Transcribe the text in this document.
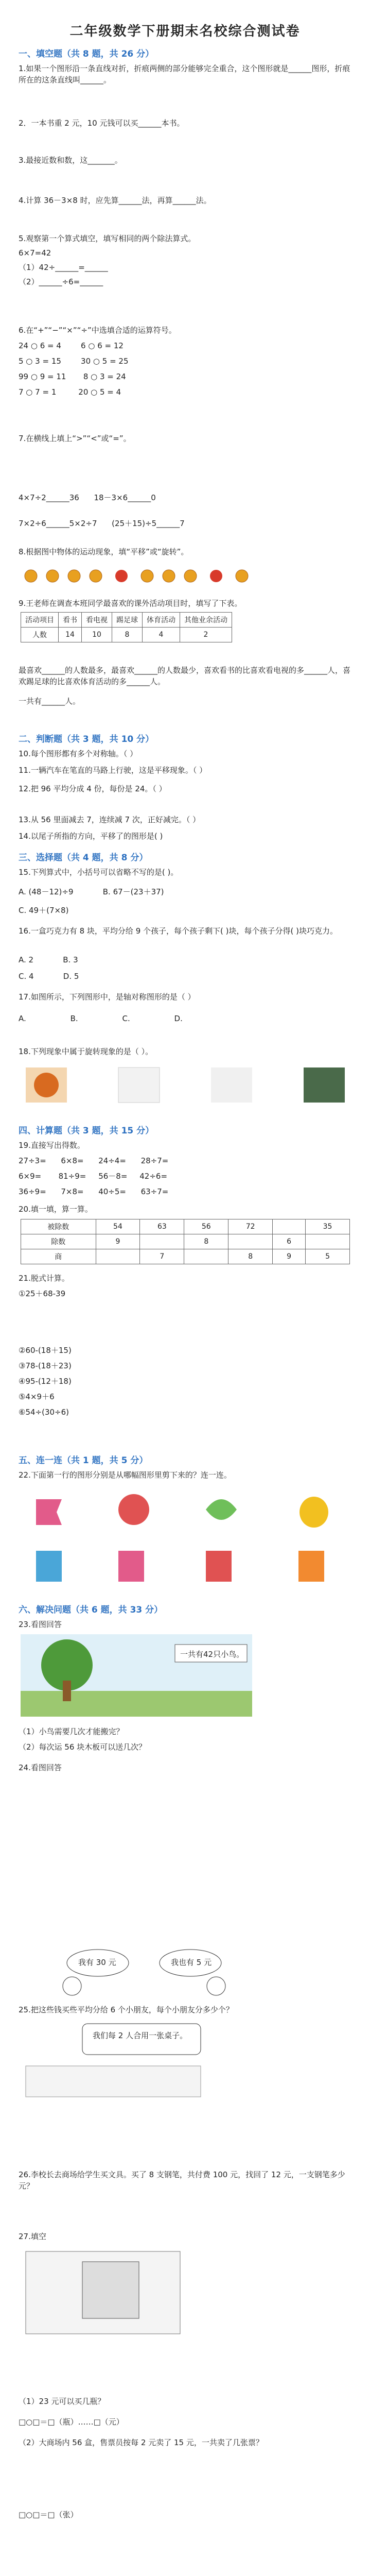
二年级数学下册期末名校综合测试卷
一、填空题（共 8 题，共 26 分）
1.如果一个图形沿一条直线对折，折痕两侧的部分能够完全重合，这个图形就是______图形，折痕所在的这条直线叫______。
2．一本书重 2 元，10 元钱可以买______本书。
3.最接近数和数，这_______。
4.计算 36－3×8 时，应先算______法，再算______法。
5.观察第一个算式填空，填写相同的两个除法算式。
6×7=42
（1）42÷______=______
（2）______÷6=______
6.在“+”“−”“×”“÷”中选填合适的运算符号。
24 ○ 6 = 4        6 ○ 6 = 12
5 ○ 3 = 15        30 ○ 5 = 25
99 ○ 9 = 11       8 ○ 3 = 24
7 ○ 7 = 1         20 ○ 5 = 4
7.在横线上填上“>”“<”或“=”。
4×7÷2______36      18－3×6______0
7×2÷6______5×2÷7      (25＋15)÷5______7
8.根据图中物体的运动现象，填“平移”或“旋转”。
9.王老师在调查本班同学最喜欢的课外活动项目时，填写了下表。
活动项目	看书	看电视	踢足球	体育活动	其他业余活动
人数	14	10	8	4	2
最喜欢______的人数最多，最喜欢______的人数最少，喜欢看书的比喜欢看电视的多______人，喜欢踢足球的比喜欢体育活动的多______人。
一共有______人。
二、判断题（共 3 题，共 10 分）
10.每个图形都有多个对称轴。（ ）
11.一辆汽车在笔直的马路上行驶，这是平移现象。（ ）
12.把 96 平均分成 4 份，每份是 24。（ ）
13.从 56 里面减去 7，连续减 7 次，正好减完。（ ）
14.以尾子所指的方向，平移了的图形是( )
三、选择题（共 4 题，共 8 分）
15.下列算式中，小括号可以省略不写的是( )。
A. (48－12)÷9            B. 67－(23＋37)
C. 49＋(7×8)
16.一盒巧克力有 8 块，平均分给 9 个孩子，每个孩子剩下( )块，每个孩子分得( )块巧克力。
A. 2            B. 3
C. 4            D. 5
17.如图所示，下列图形中，是轴对称图形的是（ ）
A.                  B.                  C.                  D.
18.下列现象中属于旋转现象的是（ ）。
四、计算题（共 3 题，共 15 分）
19.直接写出得数。
27÷3=      6×8=      24÷4=      28÷7=
6×9=       81÷9=     56－8=     42÷6=
36÷9=      7×8=      40÷5=      63÷7=
20.填一填，算一算。
被除数	54	63	56	72		35
除数	9		8		6	
商		7		8	9	5
21.脱式计算。
①25＋68-39
②60-(18＋15)
③78-(18＋23)
④95-(12＋18)
⑤4×9＋6
⑥54÷(30÷6)
五、连一连（共 1 题，共 5 分）
22.下面第一行的图形分别是从哪幅图形里剪下来的？连一连。
六、解决问题（共 6 题，共 33 分）
23.看图回答
一共有42只小鸟。
（1）小鸟需要几次才能搬完？
（2）每次运 56 块木板可以送几次？
24.看图回答
我有 30 元	我也有 5 元
25.把这些钱买些平均分给 6 个小朋友，每个小朋友分多少个？
我们每 2 人合用一张桌子。
26.李校长去商场给学生买文具。买了 8 支钢笔，共付费 100 元，找回了 12 元，一支钢笔多少元？
27.填空
（1）23 元可以买几瓶？
□○□＝□（瓶）……□（元）
（2）大商场内 56 盒，售票员按每 2 元卖了 15 元，一共卖了几张票？
□○□＝□（张）
